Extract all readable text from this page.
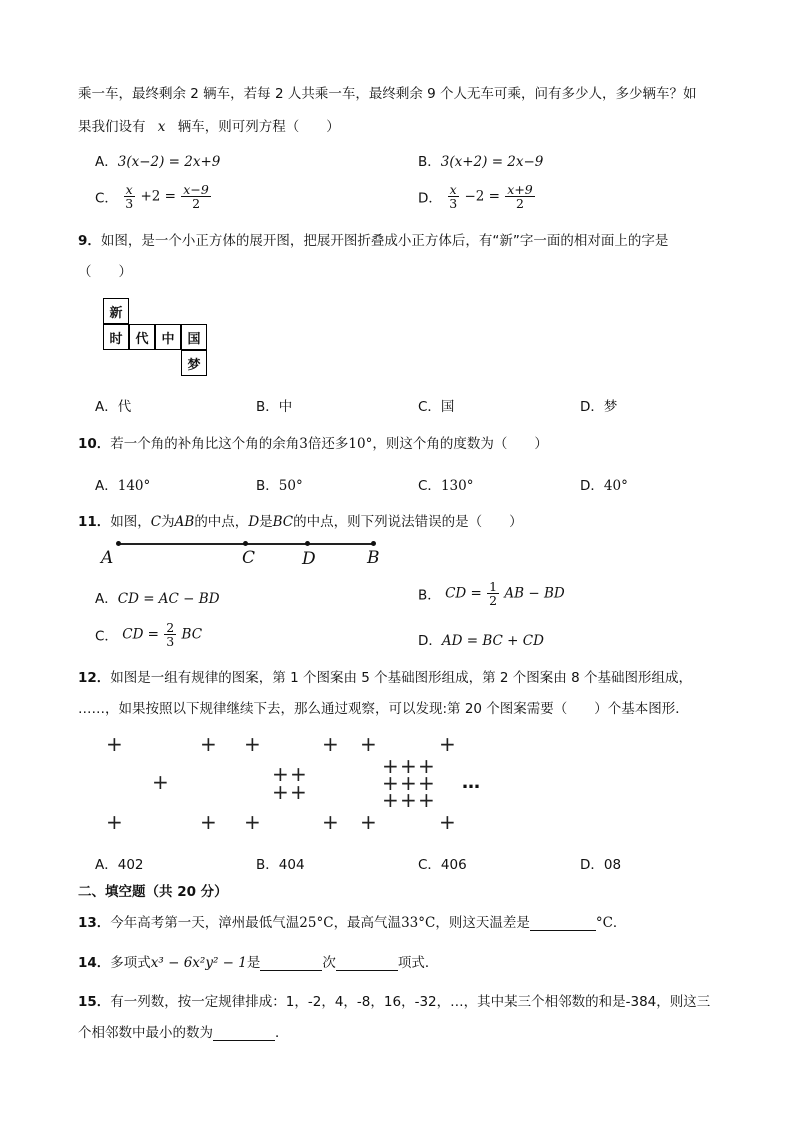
乘一车，最终剩余 2 辆车，若每 2 人共乘一车，最终剩余 9 个人无车可乘，问有多少人，多少辆车？如
果我们设有 x 辆车，则可列方程（　　）
A．3(x−2) = 2x+9	B．3(x+2) = 2x−9
C． $\frac{x}{3} +2 = \frac{x-9}{2}$	D． $\frac{x}{3} -2 = \frac{x+9}{2}$
9．如图，是一个小正方体的展开图，把展开图折叠成小正方体后，有“新”字一面的相对面上的字是
（　　）
新
时 代 中 国
梦
A．代	B．中	C．国	D．梦
10．若一个角的补角比这个角的余角3倍还多10°，则这个角的度数为（　　）
A．140°	B．50°	C．130°	D．40°
11．如图，C为AB的中点，D是BC的中点，则下列说法错误的是（　　）
A	C	D	B
A．CD = AC − BD	B． CD = $\frac{1}{2}$ AB − BD
C． CD = $\frac{2}{3}$ BC	D．AD = BC + CD
12．如图是一组有规律的图案，第 1 个图案由 5 个基础图形组成，第 2 个图案由 8 个基础图形组成，
……，如果按照以下规律继续下去，那么通过观察，可以发现:第 20 个图案需要（　　）个基本图形．
+	+
+
+	+
+	+
+ +
+ +
+	+
+	+
+ + +
+ + +
+ + +
+	+
…
A．402	B．404	C．406	D．08
二、填空题（共 20 分）
13．今年高考第一天，漳州最低气温25°C，最高气温33°C，则这天温差是	°C．
14．多项式x³ − 6x²y² − 1是	次	项式．
15．有一列数，按一定规律排成：1，-2，4，-8，16，-32，…，其中某三个相邻数的和是-384，则这三
个相邻数中最小的数为	．
